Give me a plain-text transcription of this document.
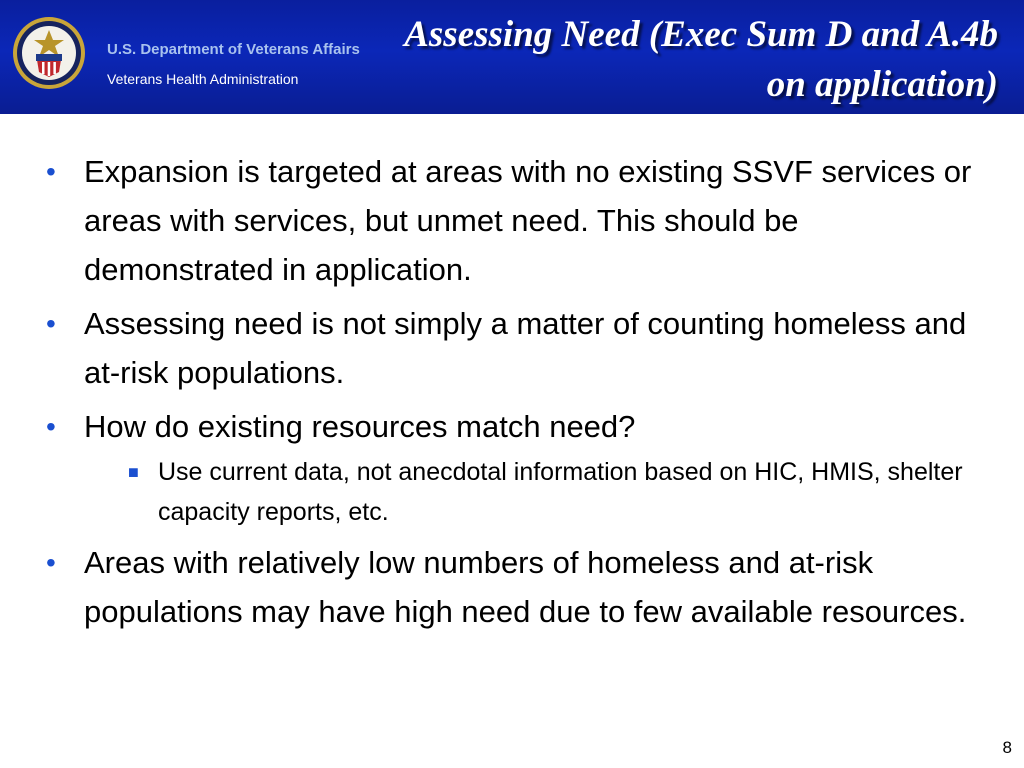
U.S. Department of Veterans Affairs
Veterans Health Administration
Assessing Need (Exec Sum D and A.4b on application)
• Expansion is targeted at areas with no existing SSVF services or areas with services, but unmet need. This should be demonstrated in application.
• Assessing need is not simply a matter of counting homeless and at-risk populations.
• How do existing resources match need?
■ Use current data, not anecdotal information based on HIC, HMIS, shelter capacity reports, etc.
• Areas with relatively low numbers of homeless and at-risk populations may have high need due to few available resources.
8
